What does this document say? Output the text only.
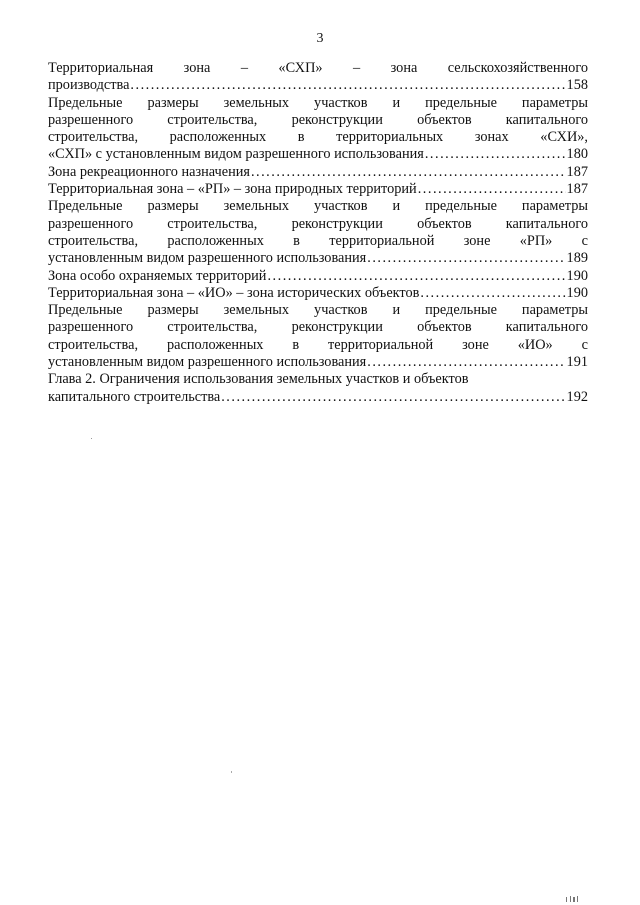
3
Территориальная зона – «СХП» – зона сельскохозяйственного
производства .....	158
Предельные размеры земельных участков и предельные параметры
разрешенного строительства, реконструкции объектов капитального
строительства, расположенных в территориальных зонах «СХИ»,
«СХП» с установленным видом разрешенного использования .....	180
Зона рекреационного назначения .....	187
Территориальная зона – «РП» – зона природных территорий .....	187
Предельные размеры земельных участков и предельные параметры
разрешенного строительства, реконструкции объектов капитального
строительства, расположенных в территориальной зоне «РП» с
установленным видом разрешенного использования .....	189
Зона особо охраняемых территорий .....	190
Территориальная зона – «ИО» – зона исторических объектов .....	190
Предельные размеры земельных участков и предельные параметры
разрешенного строительства, реконструкции объектов капитального
строительства, расположенных в территориальной зоне «ИО» с
установленным видом разрешенного использования .....	191
Глава 2. Ограничения использования земельных участков и объектов
капитального строительства .....	192
